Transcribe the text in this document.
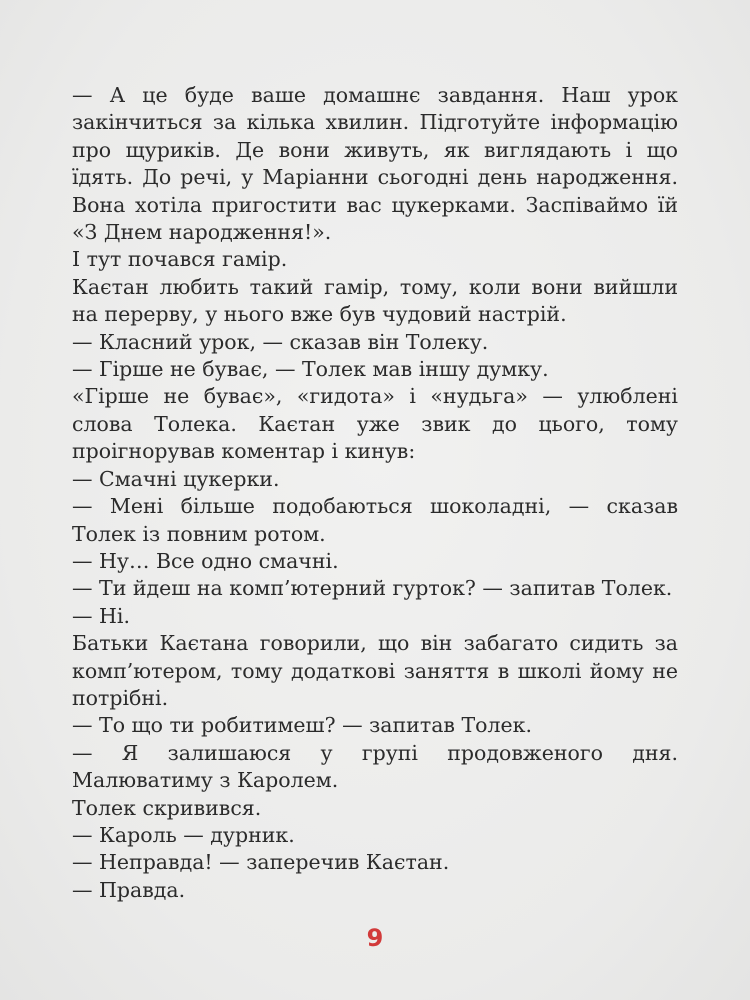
— А це буде ваше домашнє завдання. Наш урок закінчиться за кілька хвилин. Підготуйте інформацію про щуриків. Де вони живуть, як виглядають і що їдять. До речі, у Маріанни сьогодні день народження. Вона хотіла пригостити вас цукерками. Заспіваймо їй «З Днем народження!».

І тут почався гамір.

Каєтан любить такий гамір, тому, коли вони вийшли на перерву, у нього вже був чудовий настрій.

— Класний урок, — сказав він Толеку.

— Гірше не буває, — Толек мав іншу думку.

«Гірше не буває», «гидота» і «нудьга» — улюблені слова Толека. Каєтан уже звик до цього, тому проігнорував коментар і кинув:

— Смачні цукерки.

— Мені більше подобаються шоколадні, — сказав Толек із повним ротом.

— Ну… Все одно смачні.

— Ти йдеш на комп’ютерний гурток? — запитав Толек.

— Ні.

Батьки Каєтана говорили, що він забагато сидить за комп’ютером, тому додаткові заняття в школі йому не потрібні.

— То що ти робитимеш? — запитав Толек.

— Я залишаюся у групі продовженого дня. Малюватиму з Каролем.

Толек скривився.

— Кароль — дурник.

— Неправда! — заперечив Каєтан.

— Правда.

9
